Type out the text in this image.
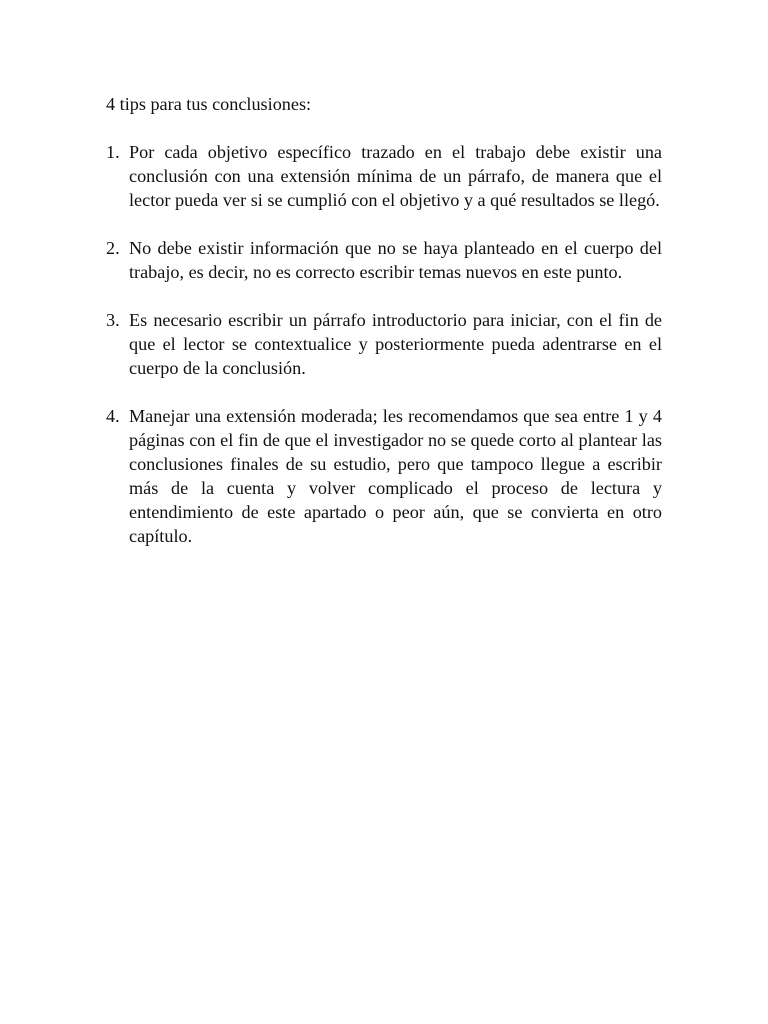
4 tips para tus conclusiones:

1. Por cada objetivo específico trazado en el trabajo debe existir una conclusión con una extensión mínima de un párrafo, de manera que el lector pueda ver si se cumplió con el objetivo y a qué resultados se llegó.
2. No debe existir información que no se haya planteado en el cuerpo del trabajo, es decir, no es correcto escribir temas nuevos en este punto.
3. Es necesario escribir un párrafo introductorio para iniciar, con el fin de que el lector se contextualice y posteriormente pueda adentrarse en el cuerpo de la conclusión.
4. Manejar una extensión moderada; les recomendamos que sea entre 1 y 4 páginas con el fin de que el investigador no se quede corto al plantear las conclusiones finales de su estudio, pero que tampoco llegue a escribir más de la cuenta y volver complicado el proceso de lectura y entendimiento de este apartado o peor aún, que se convierta en otro capítulo.
